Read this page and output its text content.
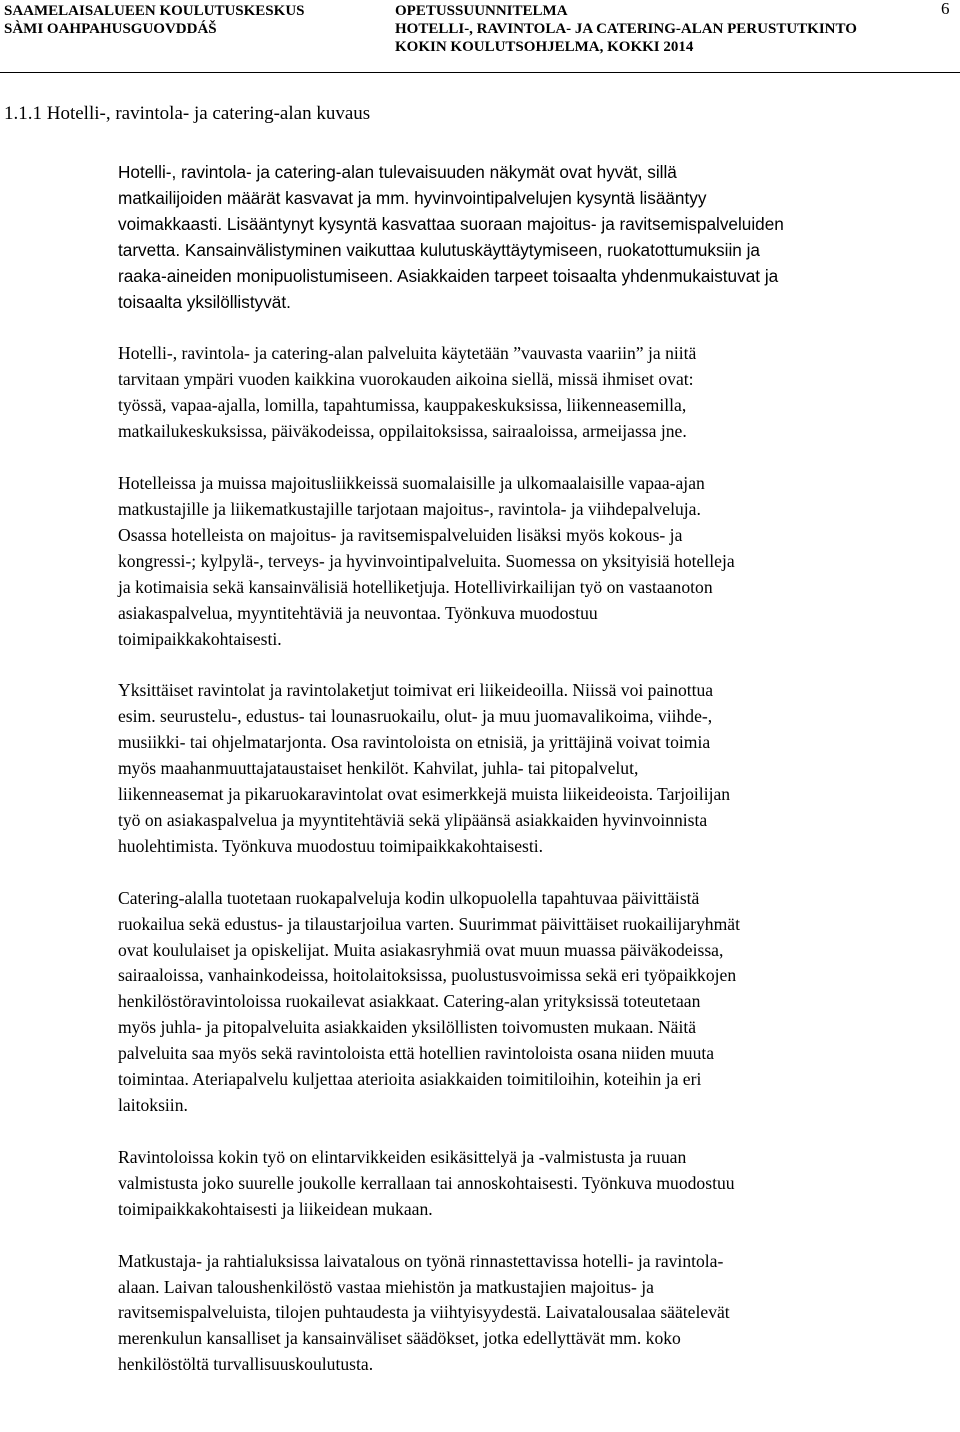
SAAMELAISALUEEN KOULUTUSKESKUS
SÀMI OAHPAHUSGUOVDDÁŠ
OPETUSSUUNNITELMA
HOTELLI-, RAVINTOLA- JA CATERING-ALAN PERUSTUTKINTO
KOKIN KOULUTSOHJELMA, KOKKI 2014
6
1.1.1 Hotelli-, ravintola- ja catering-alan kuvaus

Hotelli-, ravintola- ja catering-alan tulevaisuuden näkymät ovat hyvät, sillä
matkailijoiden määrät kasvavat ja mm. hyvinvointipalvelujen kysyntä lisääntyy
voimakkaasti. Lisääntynyt kysyntä kasvattaa suoraan majoitus- ja ravitsemispalveluiden
tarvetta. Kansainvälistyminen vaikuttaa kulutuskäyttäytymiseen, ruokatottumuksiin ja
raaka-aineiden monipuolistumiseen. Asiakkaiden tarpeet toisaalta yhdenmukaistuvat ja
toisaalta yksilöllistyvät.

Hotelli-, ravintola- ja catering-alan palveluita käytetään ”vauvasta vaariin” ja niitä
tarvitaan ympäri vuoden kaikkina vuorokauden aikoina siellä, missä ihmiset ovat:
työssä, vapaa-ajalla, lomilla, tapahtumissa, kauppakeskuksissa, liikenneasemilla,
matkailukeskuksissa, päiväkodeissa, oppilaitoksissa, sairaaloissa, armeijassa jne.

Hotelleissa ja muissa majoitusliikkeissä suomalaisille ja ulkomaalaisille vapaa-ajan
matkustajille ja liikematkustajille tarjotaan majoitus-, ravintola- ja viihdepalveluja.
Osassa hotelleista on majoitus- ja ravitsemispalveluiden lisäksi myös kokous- ja
kongressi-; kylpylä-, terveys- ja hyvinvointipalveluita. Suomessa on yksityisiä hotelleja
ja kotimaisia sekä kansainvälisiä hotelliketjuja. Hotellivirkailijan työ on vastaanoton
asiakaspalvelua, myyntitehtäviä ja neuvontaa. Työnkuva muodostuu
toimipaikkakohtaisesti.

Yksittäiset ravintolat ja ravintolaketjut toimivat eri liikeideoilla. Niissä voi painottua
esim. seurustelu-, edustus- tai lounasruokailu, olut- ja muu juomavalikoima, viihde-,
musiikki- tai ohjelmatarjonta. Osa ravintoloista on etnisiä, ja yrittäjinä voivat toimia
myös maahanmuuttajataustaiset henkilöt. Kahvilat, juhla- tai pitopalvelut,
liikenneasemat ja pikaruokaravintolat ovat esimerkkejä muista liikeideoista. Tarjoilijan
työ on asiakaspalvelua ja myyntitehtäviä sekä ylipäänsä asiakkaiden hyvinvoinnista
huolehtimista. Työnkuva muodostuu toimipaikkakohtaisesti.

Catering-alalla tuotetaan ruokapalveluja kodin ulkopuolella tapahtuvaa päivittäistä
ruokailua sekä edustus- ja tilaustarjoilua varten. Suurimmat päivittäiset ruokailijaryhmät
ovat koululaiset ja opiskelijat. Muita asiakasryhmiä ovat muun muassa päiväkodeissa,
sairaaloissa, vanhainkodeissa, hoitolaitoksissa, puolustusvoimissa sekä eri työpaikkojen
henkilöstöravintoloissa ruokailevat asiakkaat. Catering-alan yrityksissä toteutetaan
myös juhla- ja pitopalveluita asiakkaiden yksilöllisten toivomusten mukaan. Näitä
palveluita saa myös sekä ravintoloista että hotellien ravintoloista osana niiden muuta
toimintaa. Ateriapalvelu kuljettaa aterioita asiakkaiden toimitiloihin, koteihin ja eri
laitoksiin.

Ravintoloissa kokin työ on elintarvikkeiden esikäsittelyä ja -valmistusta ja ruuan
valmistusta joko suurelle joukolle kerrallaan tai annoskohtaisesti. Työnkuva muodostuu
toimipaikkakohtaisesti ja liikeidean mukaan.

Matkustaja- ja rahtialuksissa laivatalous on työnä rinnastettavissa hotelli- ja ravintola-
alaan. Laivan taloushenkilöstö vastaa miehistön ja matkustajien majoitus- ja
ravitsemispalveluista, tilojen puhtaudesta ja viihtyisyydestä. Laivatalousalaa säätelevät
merenkulun kansalliset ja kansainväliset säädökset, jotka edellyttävät mm. koko
henkilöstöltä turvallisuuskoulutusta.
